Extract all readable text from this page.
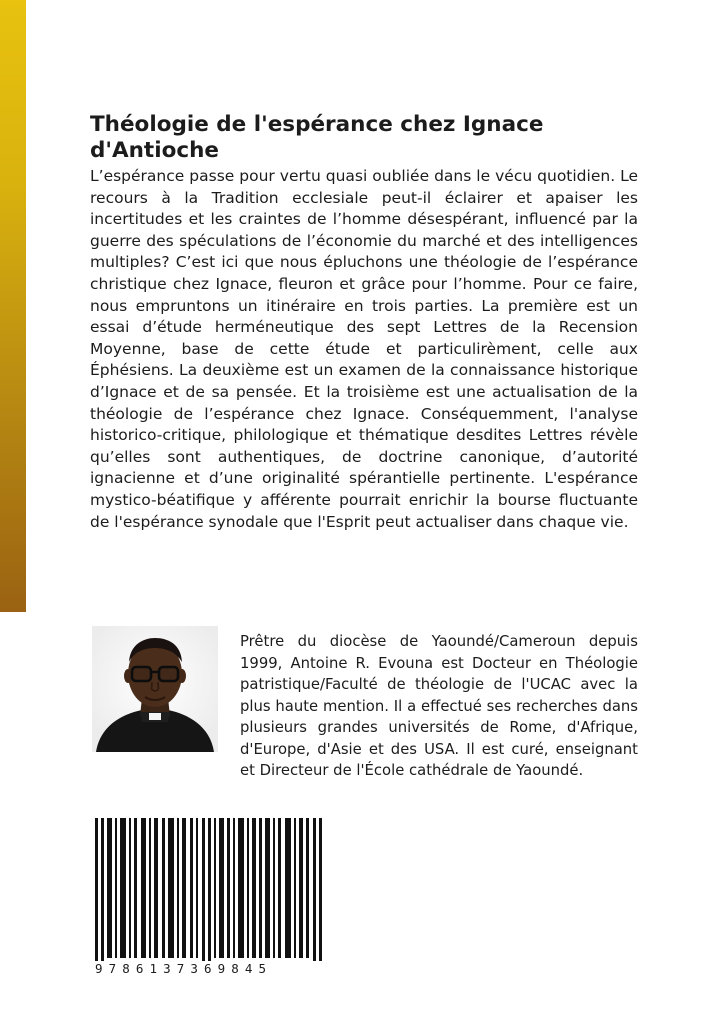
Théologie de l'espérance chez Ignace d'Antioche

L’espérance passe pour vertu quasi oubliée dans le vécu quotidien. Le recours à la Tradition ecclesiale peut-il éclairer et apaiser les incertitudes et les craintes de l’homme désespérant, influencé par la guerre des spéculations de l’économie du marché et des intelligences multiples? C’est ici que nous épluchons une théologie de l’espérance christique chez Ignace, fleuron et grâce pour l’homme. Pour ce faire, nous empruntons un itinéraire en trois parties. La première est un essai d’étude herméneutique des sept Lettres de la Recension Moyenne, base de cette étude et particulirèment, celle aux Éphésiens. La deuxième est un examen de la connaissance historique d’Ignace et de sa pensée. Et la troisième est une actualisation de la théologie de l’espérance chez Ignace. Conséquemment, l'analyse historico-critique, philologique et thématique desdites Lettres révèle qu’elles sont authentiques, de doctrine canonique, d’autorité ignacienne et d’une originalité spérantielle pertinente. L'espérance mystico-béatifique y afférente pourrait enrichir la bourse fluctuante de l'espérance synodale que l'Esprit peut actualiser dans chaque vie.

Prêtre du diocèse de Yaoundé/Cameroun depuis 1999, Antoine R. Evouna est Docteur en Théologie patristique/Faculté de théologie de l'UCAC avec la plus haute mention. Il a effectué ses recherches dans plusieurs grandes universités de Rome, d'Afrique, d'Europe, d'Asie et des USA. Il est curé, enseignant et Directeur de l'École cathédrale de Yaoundé.

9786137369845
